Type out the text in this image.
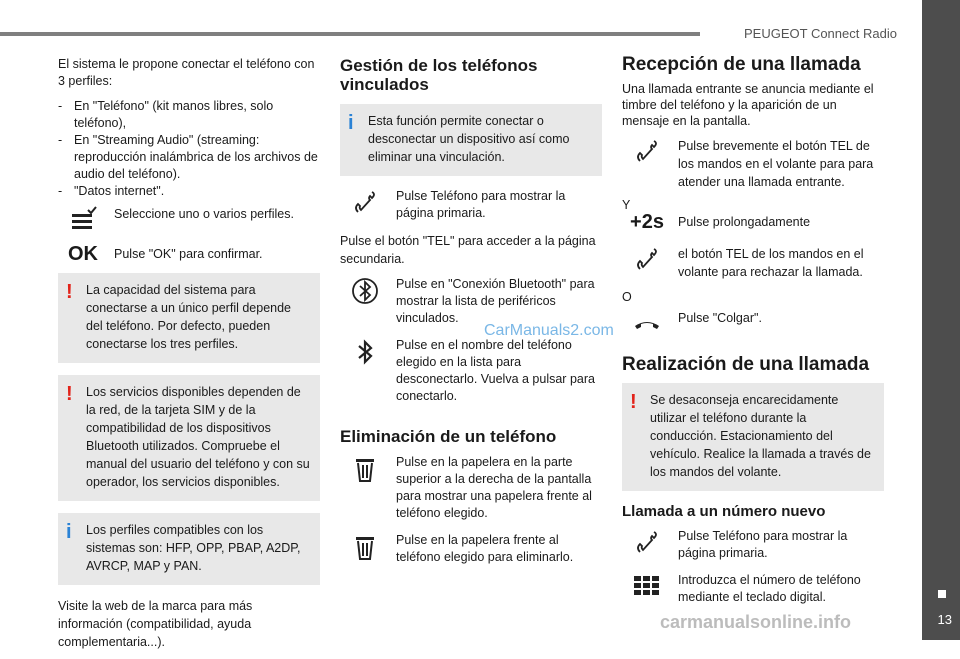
PEUGEOT Connect Radio
13

El sistema le propone conectar el teléfono con 3 perfiles:

- En "Teléfono" (kit manos libres, solo teléfono),
- En "Streaming Audio" (streaming: reproducción inalámbrica de los archivos de audio del teléfono).
- "Datos internet".
Seleccione uno o varios perfiles.
OK	Pulse "OK" para confirmar.
! La capacidad del sistema para conectarse a un único perfil depende del teléfono. Por defecto, pueden conectarse los tres perfiles.
! Los servicios disponibles dependen de la red, de la tarjeta SIM y de la compatibilidad de los dispositivos Bluetooth utilizados. Compruebe el manual del usuario del teléfono y con su operador, los servicios disponibles.
i Los perfiles compatibles con los sistemas son: HFP, OPP, PBAP, A2DP, AVRCP, MAP y PAN.

Visite la web de la marca para más información (compatibilidad, ayuda complementaria...).

Gestión de los teléfonos vinculados
i Esta función permite conectar o desconectar un dispositivo así como eliminar una vinculación.
Pulse Teléfono para mostrar la página primaria.

Pulse el botón "TEL" para acceder a la página secundaria.

Pulse en "Conexión Bluetooth" para mostrar la lista de periféricos vinculados.
Pulse en el nombre del teléfono elegido en la lista para desconectarlo. Vuelva a pulsar para conectarlo.
Eliminación de un teléfono
Pulse en la papelera en la parte superior a la derecha de la pantalla para mostrar una papelera frente al teléfono elegido.
Pulse en la papelera frente al teléfono elegido para eliminarlo.
Recepción de una llamada

Una llamada entrante se anuncia mediante el timbre del teléfono y la aparición de un mensaje en la pantalla.

Pulse brevemente el botón TEL de los mandos en el volante para para atender una llamada entrante.
Y
+2s	Pulse prolongadamente
el botón TEL de los mandos en el volante para rechazar la llamada.
O
Pulse "Colgar".
Realización de una llamada
! Se desaconseja encarecidamente utilizar el teléfono durante la conducción. Estacionamiento del vehículo. Realice la llamada a través de los mandos del volante.
Llamada a un número nuevo
Pulse Teléfono para mostrar la página primaria.
Introduzca el número de teléfono mediante el teclado digital.
CarManuals2.com
carmanualsonline.info
